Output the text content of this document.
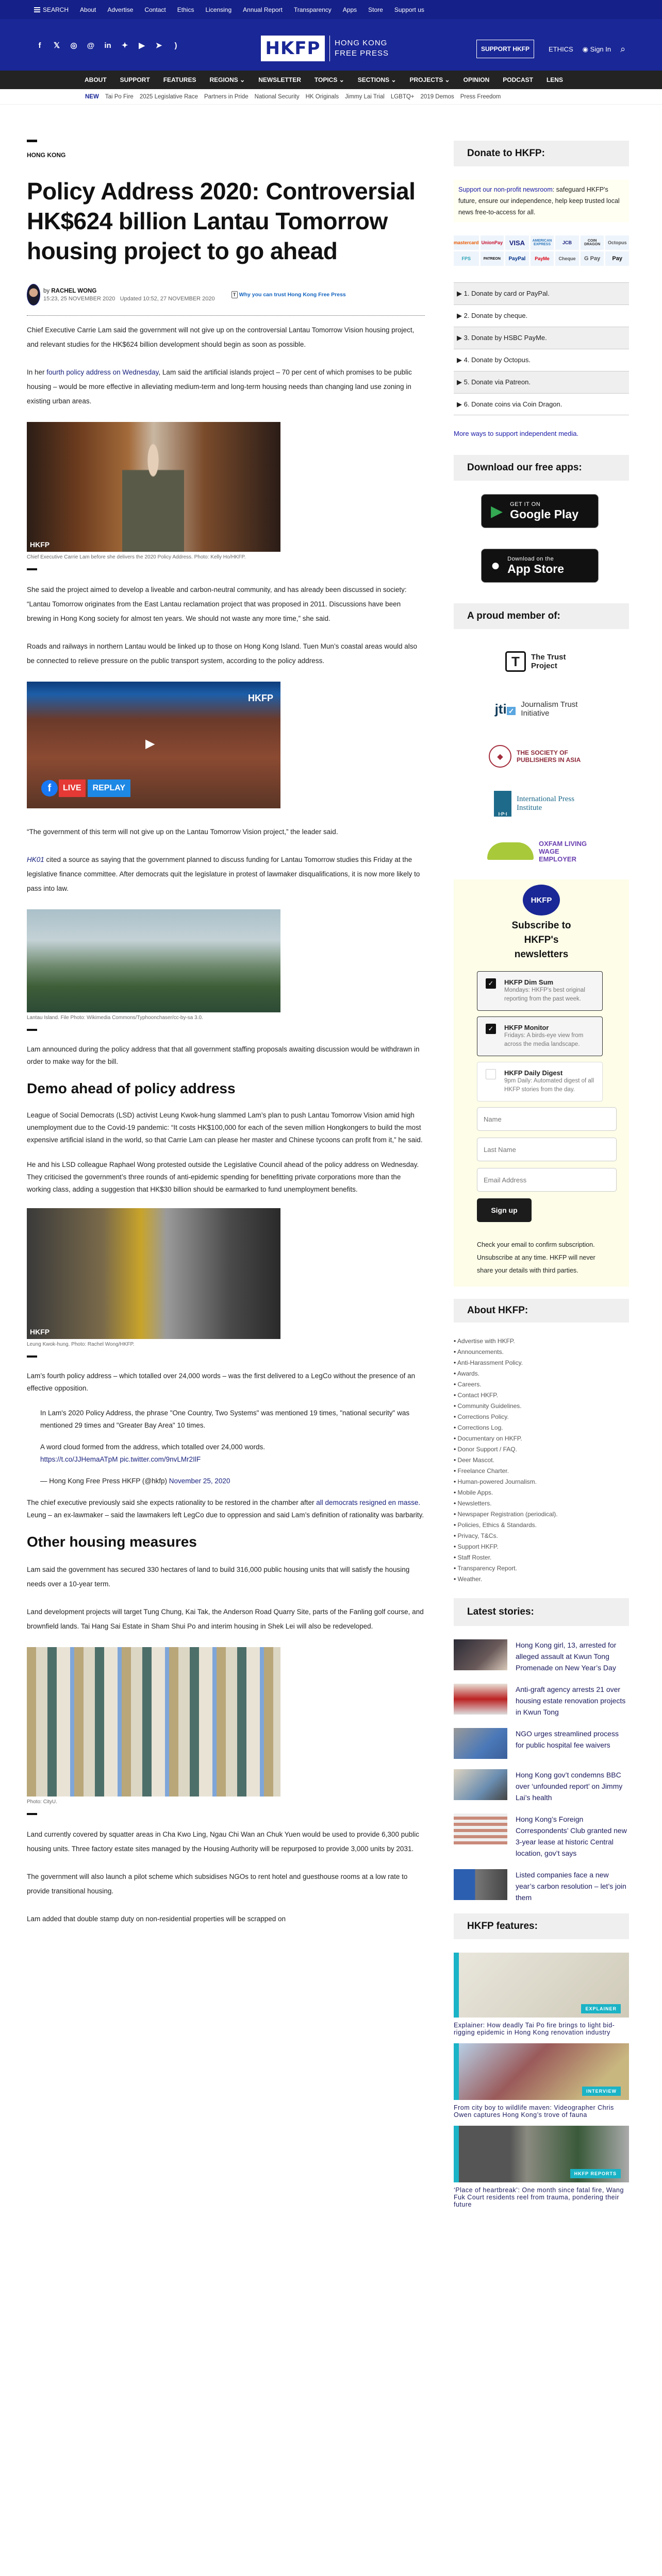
SEARCH About Advertise Contact Ethics Licensing Annual Report Transparency Apps Store Support us
f	𝕏	◎ @ in	✦	▶	➤	)	HKFP	HONG KONG
FREE PRESS	SUPPORT HKFP	ETHICS ◉ Sign In ⌕
ABOUT SUPPORT FEATURES REGIONS ⌄ NEWSLETTER TOPICS ⌄ SECTIONS ⌄ PROJECTS ⌄ OPINION PODCAST LENS
NEW Tai Po Fire 2025 Legislative Race Partners in Pride National Security HK Originals Jimmy Lai Trial LGBTQ+ 2019 Demos Press Freedom
HONG KONG
Policy Address 2020: Controversial HK$624 billion Lantau Tomorrow housing project to go ahead
by RACHEL WONG
15:23, 25 NOVEMBER 2020 Updated 10:52, 27 NOVEMBER 2020
T Why you can trust Hong Kong Free Press

Chief Executive Carrie Lam said the government will not give up on the controversial Lantau Tomorrow Vision housing project, and relevant studies for the HK$624 billion development should begin as soon as possible.

In her fourth policy address on Wednesday, Lam said the artificial islands project – 70 per cent of which promises to be public housing – would be more effective in alleviating medium-term and long-term housing needs than changing land use zoning in existing urban areas.

HKFP
Chief Executive Carrie Lam before she delivers the 2020 Policy Address. Photo: Kelly Ho/HKFP.

She said the project aimed to develop a liveable and carbon-neutral community, and has already been discussed in society: “Lantau Tomorrow originates from the East Lantau reclamation project that was proposed in 2011. Discussions have been brewing in Hong Kong society for almost ten years. We should not waste any more time,” she said.

Roads and railways in northern Lantau would be linked up to those on Hong Kong Island. Tuen Mun’s coastal areas would also be connected to relieve pressure on the public transport system, according to the policy address.

HKFP
▶
f	LIVE	REPLAY

“The government of this term will not give up on the Lantau Tomorrow Vision project,” the leader said.

HK01 cited a source as saying that the government planned to discuss funding for Lantau Tomorrow studies this Friday at the legislative finance committee. After democrats quit the legislature in protest of lawmaker disqualifications, it is now more likely to pass into law.

Lantau Island. File Photo: Wikimedia Commons/Typhoonchaser/cc-by-sa 3.0.

Lam announced during the policy address that that all government staffing proposals awaiting discussion would be withdrawn in order to make way for the bill.

Demo ahead of policy address

League of Social Democrats (LSD) activist Leung Kwok-hung slammed Lam’s plan to push Lantau Tomorrow Vision amid high unemployment due to the Covid-19 pandemic: “It costs HK$100,000 for each of the seven million Hongkongers to build the most expensive artificial island in the world, so that Carrie Lam can please her master and Chinese tycoons can profit from it,” he said.

He and his LSD colleague Raphael Wong protested outside the Legislative Council ahead of the policy address on Wednesday. They criticised the government’s three rounds of anti-epidemic spending for benefitting private corporations more than the working class, adding a suggestion that HK$30 billion should be earmarked to fund unemployment benefits.

HKFP
Leung Kwok-hung. Photo: Rachel Wong/HKFP.

Lam’s fourth policy address – which totalled over 24,000 words – was the first delivered to a LegCo without the presence of an effective opposition.

In Lam's 2020 Policy Address, the phrase "One Country, Two Systems" was mentioned 19 times, "national security" was mentioned 29 times and "Greater Bay Area" 10 times.

A word cloud formed from the address, which totalled over 24,000 words.
https://t.co/JJHemaATpM pic.twitter.com/9nvLMr2IlF

— Hong Kong Free Press HKFP (@hkfp) November 25, 2020

The chief executive previously said she expects rationality to be restored in the chamber after all democrats resigned en masse. Leung – an ex-lawmaker – said the lawmakers left LegCo due to oppression and said Lam’s definition of rationality was barbarity.

Other housing measures

Lam said the government has secured 330 hectares of land to build 316,000 public housing units that will satisfy the housing needs over a 10-year term.

Land development projects will target Tung Chung, Kai Tak, the Anderson Road Quarry Site, parts of the Fanling golf course, and brownfield lands. Tai Hang Sai Estate in Sham Shui Po and interim housing in Shek Lei will also be redeveloped.

Photo: CityU.

Land currently covered by squatter areas in Cha Kwo Ling, Ngau Chi Wan an Chuk Yuen would be used to provide 6,300 public housing units. Three factory estate sites managed by the Housing Authority will be repurposed to provide 3,000 units by 2031.

The government will also launch a pilot scheme which subsidises NGOs to rent hotel and guesthouse rooms at a low rate to provide transitional housing.

Lam added that double stamp duty on non-residential properties will be scrapped on

Donate to HKFP:
Support our non-profit newsroom: safeguard HKFP's future, ensure our independence, help keep trusted local news free-to-access for all.
mastercard UnionPay VISA	AMERICAN EXPRESS	JCB	COIN DRAGON	Octopus
FPS	PATREON	PayPal	PayMe	Cheque	G Pay	Pay
▶ 1. Donate by card or PayPal.
▶ 2. Donate by cheque.
▶ 3. Donate by HSBC PayMe.
▶ 4. Donate by Octopus.
▶ 5. Donate via Patreon.
▶ 6. Donate coins via Coin Dragon.
More ways to support independent media.
Download our free apps:
▶ GET IT ON
Google Play
● Download on the
App Store
A proud member of:
T	The Trust Project
jti ✓
Journalism Trust Initiative
◆	THE SOCIETY OF PUBLISHERS IN ASIA
I·P·I
International Press Institute
OXFAM LIVING WAGE EMPLOYER
HKFP
Subscribe to HKFP's newsletters
✓	HKFP Dim Sum
Mondays: HKFP's best original reporting from the past week.
✓	HKFP Monitor
Fridays: A birds-eye view from across the media landscape.
HKFP Daily Digest
9pm Daily: Automated digest of all HKFP stories from the day.
Name
Last Name
Email Address
Sign up
Check your email to confirm subscription. Unsubscribe at any time. HKFP will never share your details with third parties.
About HKFP:
• Advertise with HKFP.
• Announcements.
• Anti-Harassment Policy.
• Awards.
• Careers.
• Contact HKFP.
• Community Guidelines.
• Corrections Policy.
• Corrections Log.
• Documentary on HKFP.
• Donor Support / FAQ.
• Deer Mascot.
• Freelance Charter.
• Human-powered Journalism.
• Mobile Apps.
• Newsletters.
• Newspaper Registration (periodical).
• Policies, Ethics & Standards.
• Privacy, T&Cs.
• Support HKFP.
• Staff Roster.
• Transparency Report.
• Weather.
Latest stories:
Hong Kong girl, 13, arrested for alleged assault at Kwun Tong Promenade on New Year’s Day
Anti-graft agency arrests 21 over housing estate renovation projects in Kwun Tong
NGO urges streamlined process for public hospital fee waivers
Hong Kong gov’t condemns BBC over ‘unfounded report’ on Jimmy Lai’s health
Hong Kong’s Foreign Correspondents’ Club granted new 3-year lease at historic Central location, gov’t says
Listed companies face a new year’s carbon resolution – let’s join them
HKFP features:
EXPLAINER
Explainer: How deadly Tai Po fire brings to light bid-rigging epidemic in Hong Kong renovation industry
INTERVIEW
From city boy to wildlife maven: Videographer Chris Owen captures Hong Kong’s trove of fauna
HKFP REPORTS
‘Place of heartbreak’: One month since fatal fire, Wang Fuk Court residents reel from trauma, pondering their future
